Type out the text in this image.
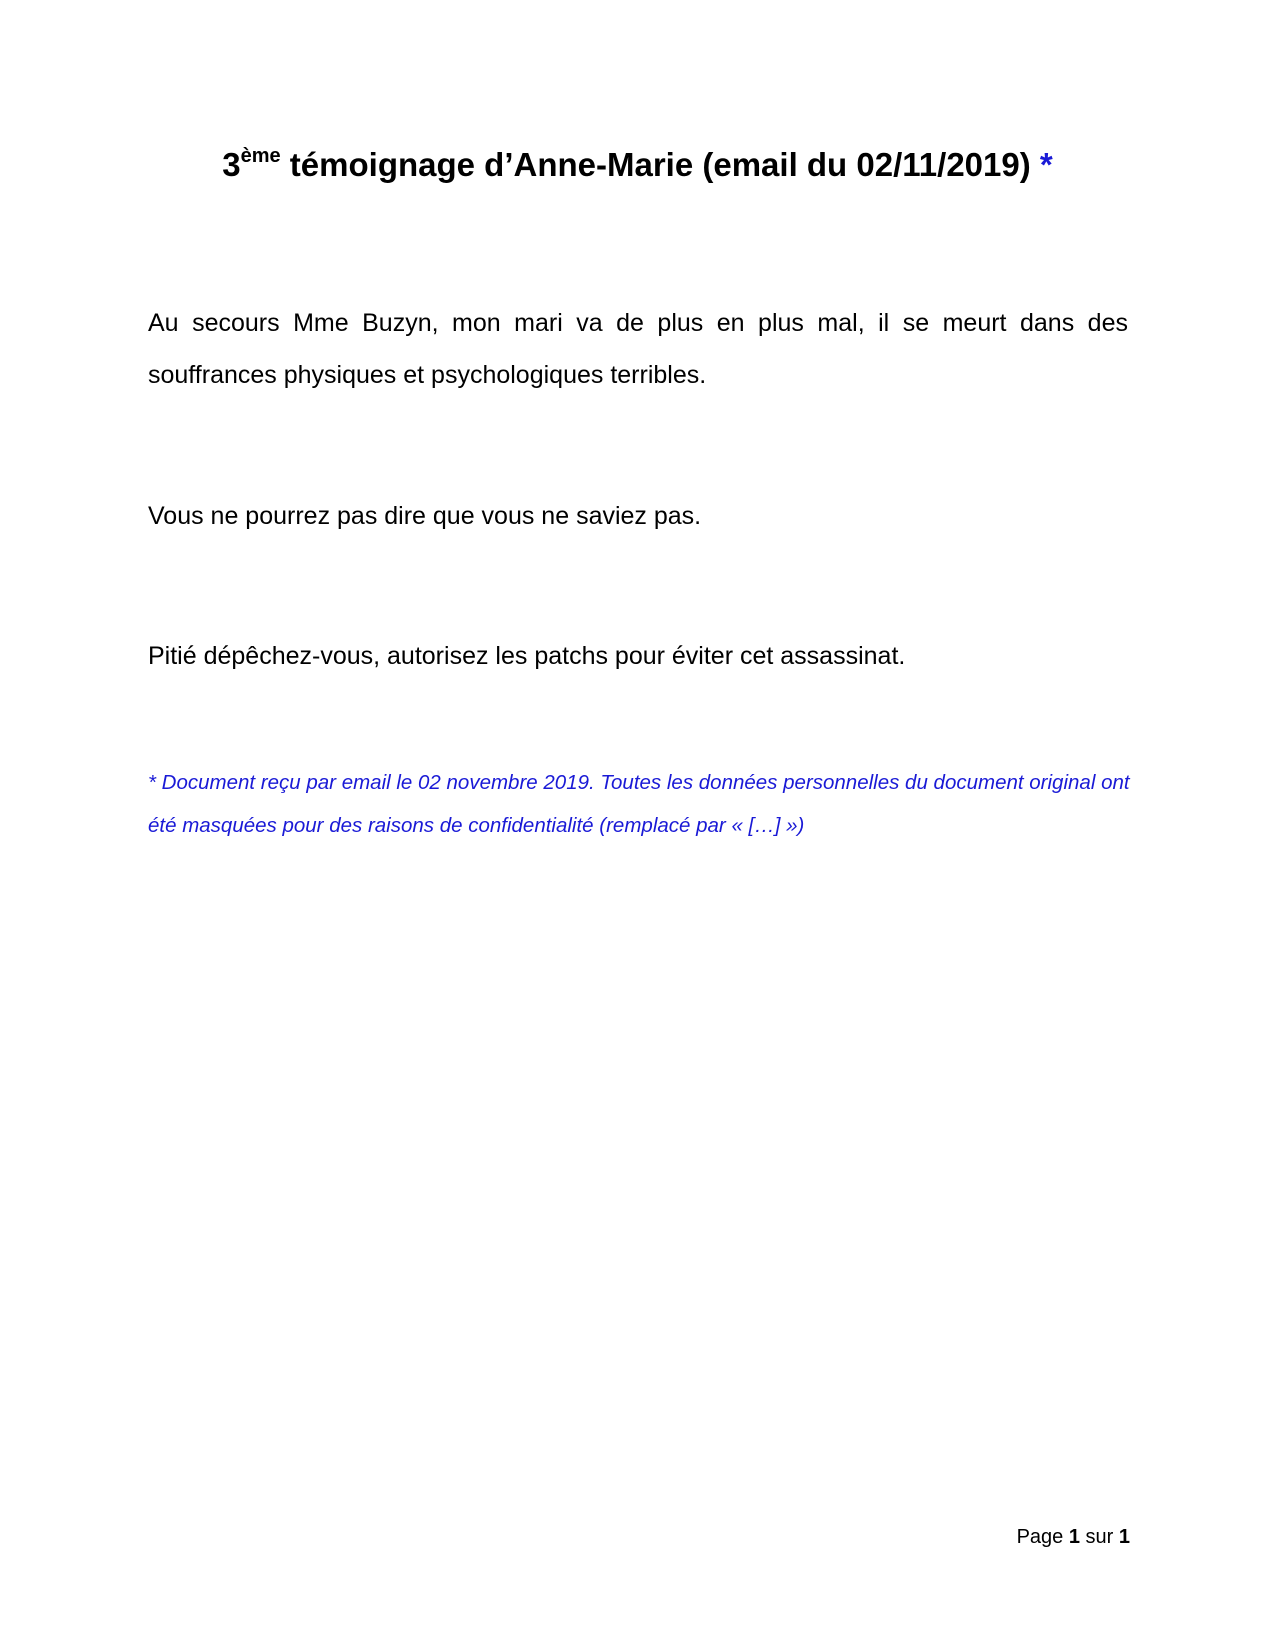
3ème témoignage d’Anne-Marie (email du 02/11/2019) *

Au secours Mme Buzyn, mon mari va de plus en plus mal, il se meurt dans des souffrances physiques et psychologiques terribles.

Vous ne pourrez pas dire que vous ne saviez pas.

Pitié dépêchez-vous, autorisez les patchs pour éviter cet assassinat.

* Document reçu par email le 02 novembre 2019. Toutes les données personnelles du document original ont été masquées pour des raisons de confidentialité (remplacé par « […] »)

Page 1 sur 1
